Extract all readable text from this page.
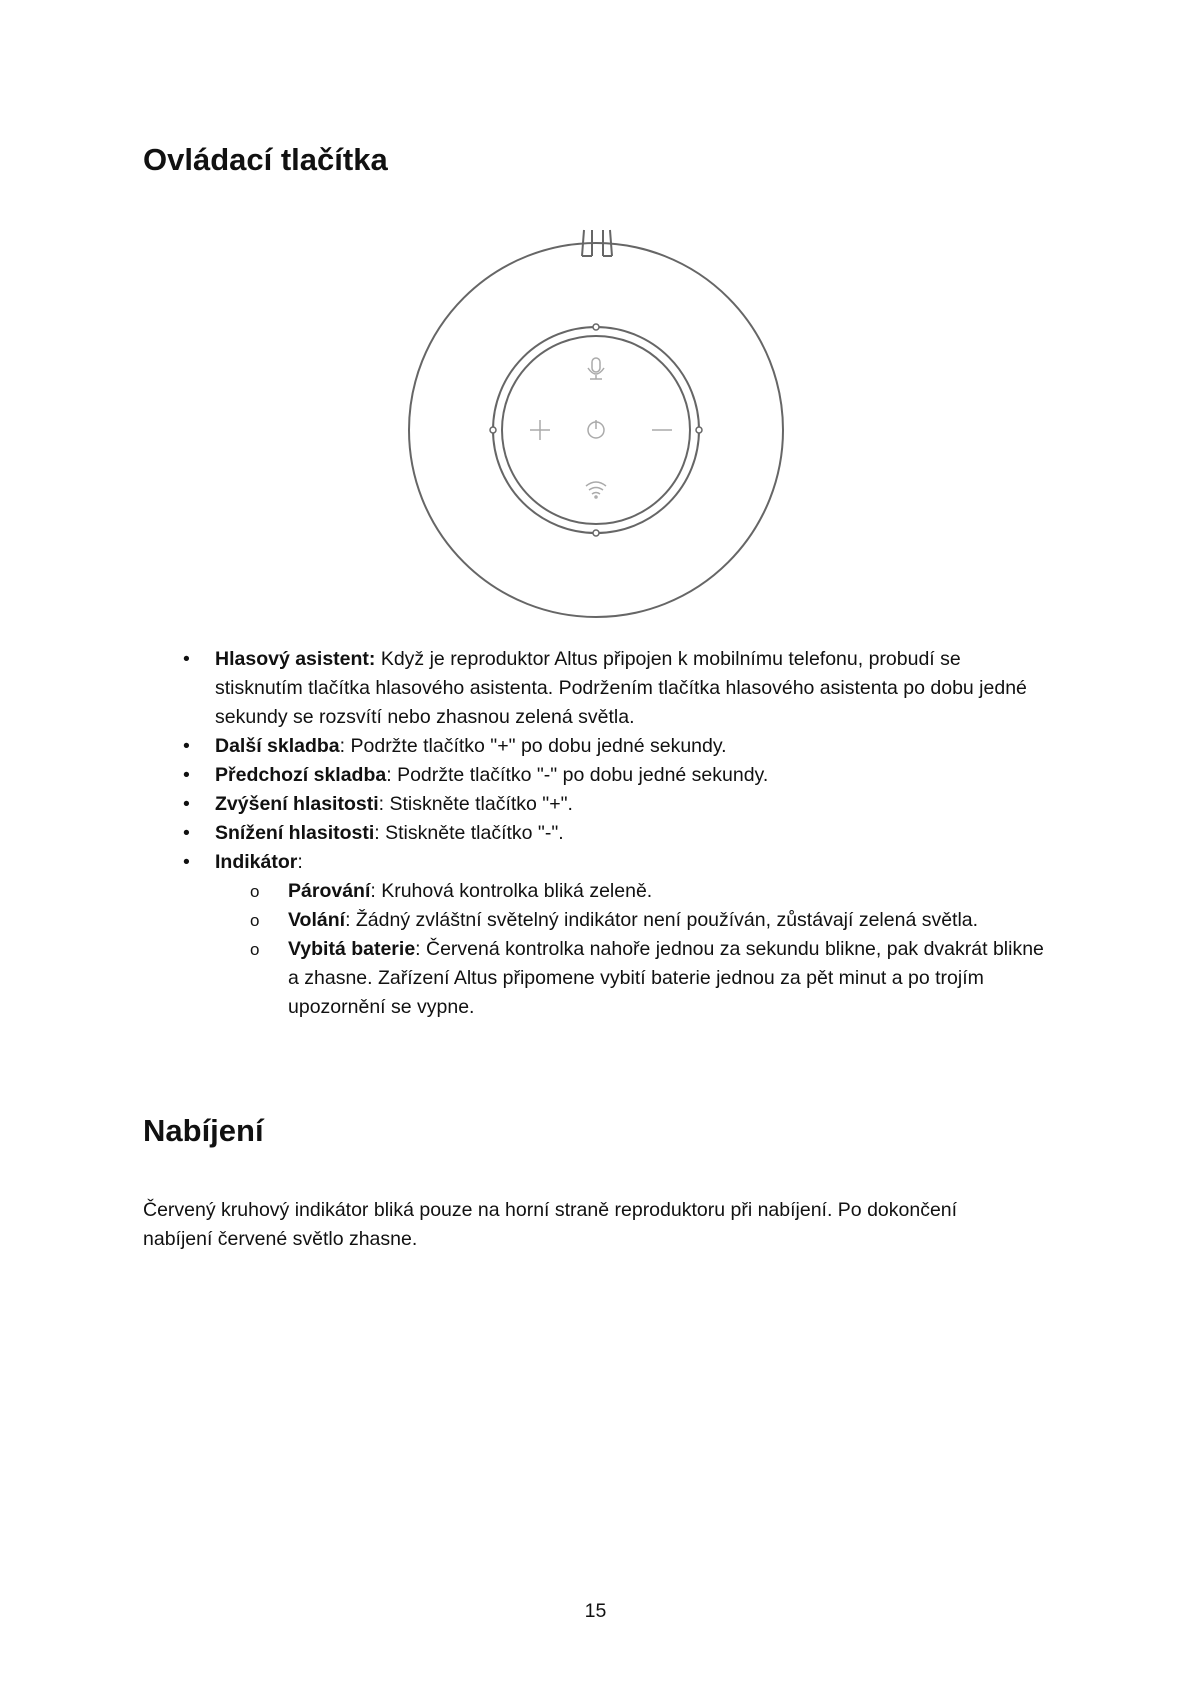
Ovládací tlačítka
• Hlasový asistent: Když je reproduktor Altus připojen k mobilnímu telefonu, probudí se stisknutím tlačítka hlasového asistenta. Podržením tlačítka hlasového asistenta po dobu jedné sekundy se rozsvítí nebo zhasnou zelená světla.
• Další skladba: Podržte tlačítko "+" po dobu jedné sekundy.
• Předchozí skladba: Podržte tlačítko "-" po dobu jedné sekundy.
• Zvýšení hlasitosti: Stiskněte tlačítko "+".
• Snížení hlasitosti: Stiskněte tlačítko "-".
• Indikátor:
o Párování: Kruhová kontrolka bliká zeleně.
o Volání: Žádný zvláštní světelný indikátor není používán, zůstávají zelená světla.
o Vybitá baterie: Červená kontrolka nahoře jednou za sekundu blikne, pak dvakrát blikne a zhasne. Zařízení Altus připomene vybití baterie jednou za pět minut a po trojím upozornění se vypne.
Nabíjení

Červený kruhový indikátor bliká pouze na horní straně reproduktoru při nabíjení. Po dokončení nabíjení červené světlo zhasne.

15
